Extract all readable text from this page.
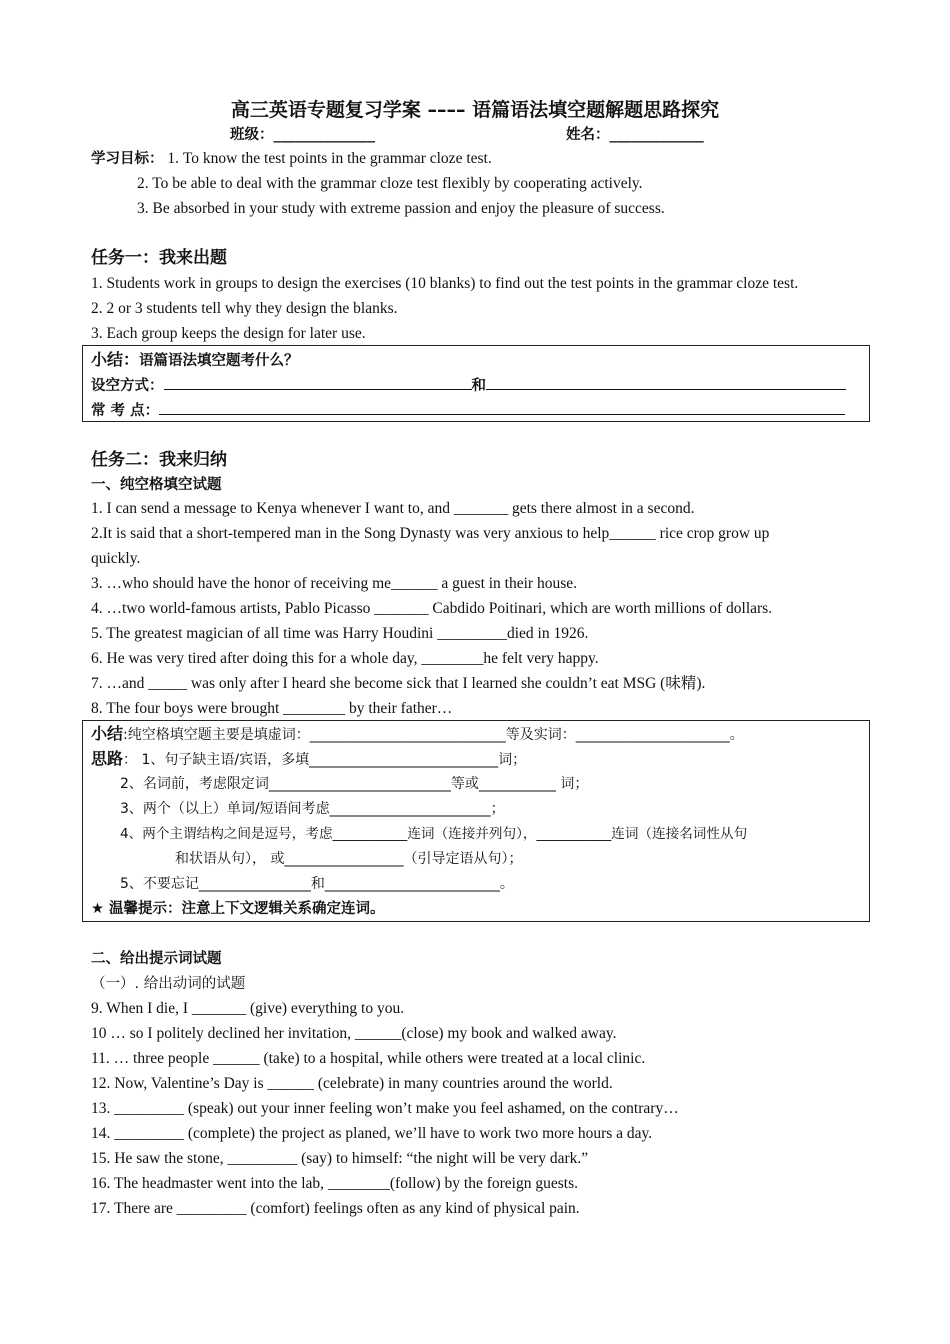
高三英语专题复习学案 –––– 语篇语法填空题解题思路探究
班级：______________	姓名：_____________
学习目标： 1. To know the test points in the grammar cloze test.
2. To be able to deal with the grammar cloze test flexibly by cooperating actively.
3. Be absorbed in your study with extreme passion and enjoy the pleasure of success.
任务一：我来出题
1. Students work in groups to design the exercises (10 blanks) to find out the test points in the grammar cloze test.
2. 2 or 3 students tell why they design the blanks.
3. Each group keeps the design for later use.
小结：语篇语法填空题考什么？
设空方式：	和
常 考 点：
任务二：我来归纳
一、纯空格填空试题
1. I can send a message to Kenya whenever I want to, and _______ gets there almost in a second.
2.It is said that a short-tempered man in the Song Dynasty was very anxious to help______ rice crop grow up
quickly.
3. …who should have the honor of receiving me______ a guest in their house.
4. …two world-famous artists, Pablo Picasso _______ Cabdido Poitinari, which are worth millions of dollars.
5. The greatest magician of all time was Harry Houdini _________died in 1926.
6. He was very tired after doing this for a whole day, ________he felt very happy.
7. …and _____ was only after I heard she become sick that I learned she couldn’t eat MSG (味精).
8. The four boys were brought ________ by their father…
小结:纯空格填空题主要是填虚词：____________________________等及实词：______________________。
思路： 1、句子缺主语/宾语，多填___________________________词；
2、名词前，考虑限定词__________________________等或___________ 词；
3、两个（以上）单词/短语间考虑_______________________；
4、两个主谓结构之间是逗号，考虑___________连词（连接并列句），___________连词（连接名词性从句
和状语从句）， 或_________________（引导定语从句）；
5、不要忘记________________和_________________________。
★ 温馨提示：注意上下文逻辑关系确定连词。
二、给出提示词试题
（一）. 给出动词的试题
9. When I die, I _______ (give) everything to you.
10 … so I politely declined her invitation, ______(close) my book and walked away.
11. … three people ______ (take) to a hospital, while others were treated at a local clinic.
12. Now, Valentine’s Day is ______ (celebrate) in many countries around the world.
13. _________ (speak) out your inner feeling won’t make you feel ashamed, on the contrary…
14. _________ (complete) the project as planed, we’ll have to work two more hours a day.
15. He saw the stone, _________ (say) to himself: “the night will be very dark.”
16. The headmaster went into the lab, ________(follow) by the foreign guests.
17. There are _________ (comfort) feelings often as any kind of physical pain.
